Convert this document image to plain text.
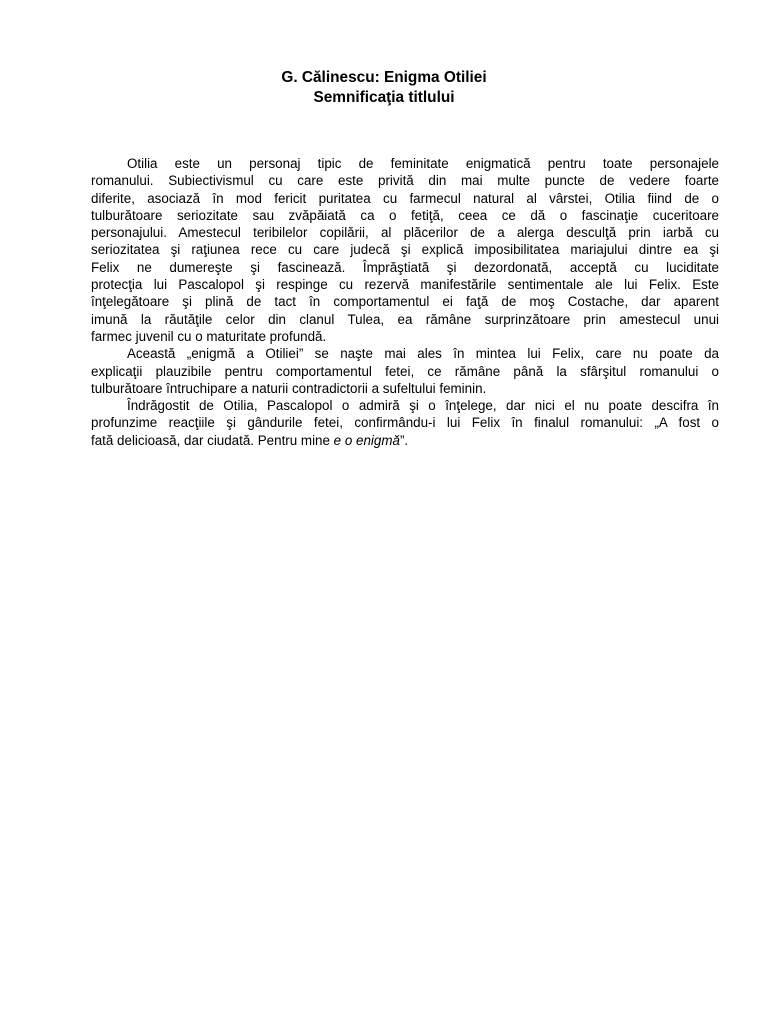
G. Călinescu: Enigma Otiliei
Semnificaţia titlului
Otilia este un personaj tipic de feminitate enigmatică pentru toate personajele
romanului. Subiectivismul cu care este privită din mai multe puncte de vedere foarte
diferite, asociază în mod fericit puritatea cu farmecul natural al vârstei, Otilia fiind de o
tulburătoare seriozitate sau zvăpăiată ca o fetiţă, ceea ce dă o fascinaţie cuceritoare
personajului. Amestecul teribilelor copilării, al plăcerilor de a alerga desculţă prin iarbă cu
seriozitatea şi raţiunea rece cu care judecă şi explică imposibilitatea mariajului dintre ea şi
Felix ne dumereşte şi fascinează. Împrăştiată şi dezordonată, acceptă cu luciditate
protecţia lui Pascalopol şi respinge cu rezervă manifestările sentimentale ale lui Felix. Este
înţelegătoare şi plină de tact în comportamentul ei faţă de moş Costache, dar aparent
imună la răutăţile celor din clanul Tulea, ea rămâne surprinzătoare prin amestecul unui
farmec juvenil cu o maturitate profundă.
Această „enigmă a Otiliei” se naşte mai ales în mintea lui Felix, care nu poate da
explicaţii plauzibile pentru comportamentul fetei, ce rămâne până la sfârşitul romanului o
tulburătoare întruchipare a naturii contradictorii a sufeltului feminin.
Îndrăgostit de Otilia, Pascalopol o admiră şi o înţelege, dar nici el nu poate descifra în
profunzime reacţiile şi gândurile fetei, confirmându-i lui Felix în finalul romanului: „A fost o
fată delicioasă, dar ciudată. Pentru mine e o enigmă”.
